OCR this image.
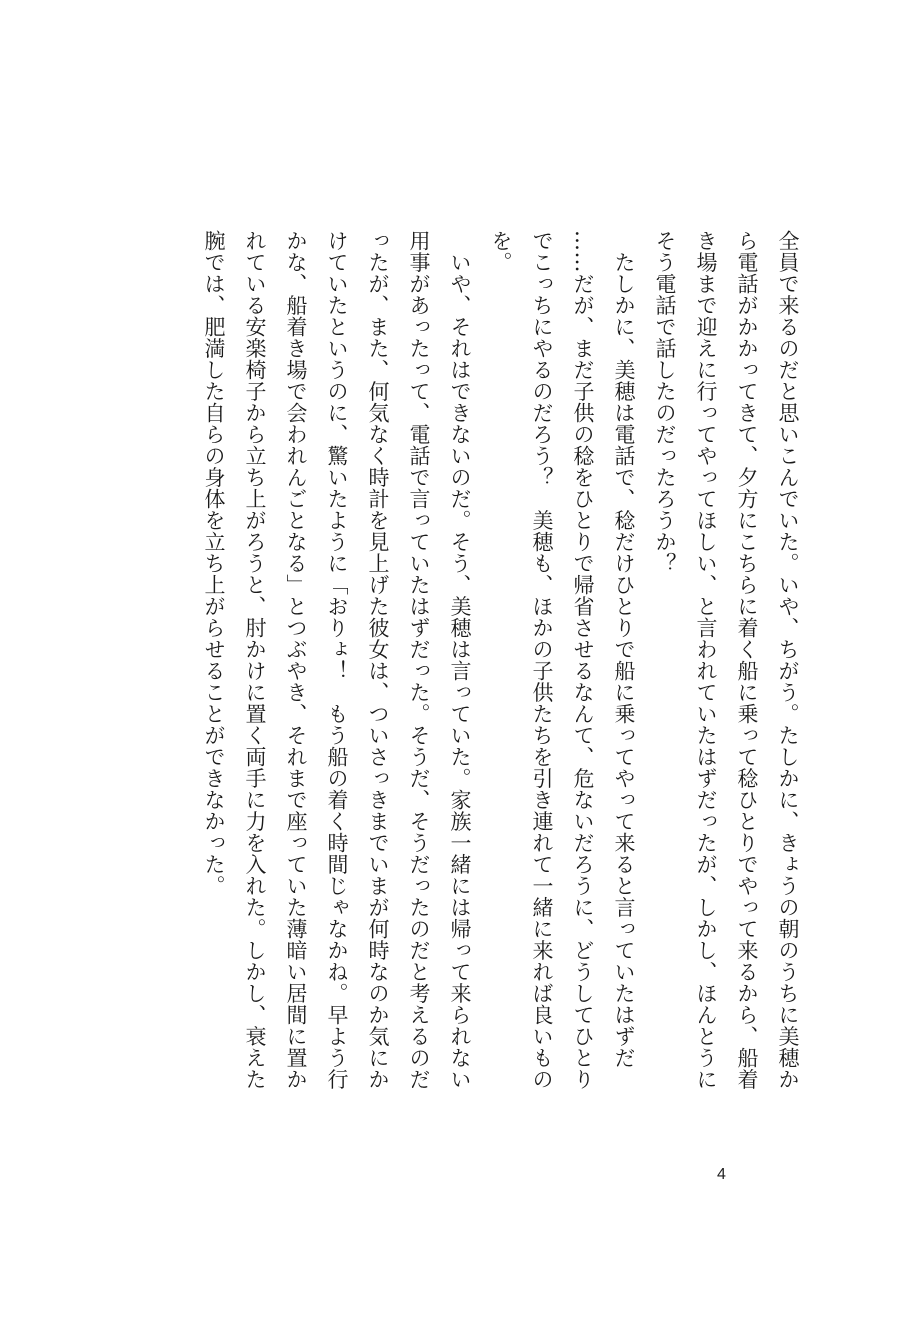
全員で来るのだと思いこんでいた。いや、ちがう。たしかに、きょうの朝のうちに美穂か
ら電話がかかってきて、夕方にこちらに着く船に乗って稔ひとりでやって来るから、船着
き場まで迎えに行ってやってほしい、と言われていたはずだったが、しかし、ほんとうに
そう電話で話したのだったろうか？
　たしかに、美穂は電話で、稔だけひとりで船に乗ってやって来ると言っていたはずだ
……だが、まだ子供の稔をひとりで帰省させるなんて、危ないだろうに、どうしてひとり
でこっちにやるのだろう？　美穂も、ほかの子供たちを引き連れて一緒に来れば良いもの
を。
　いや、それはできないのだ。そう、美穂は言っていた。家族一緒には帰って来られない
用事があったって、電話で言っていたはずだった。そうだ、そうだったのだと考えるのだ
ったが、また、何気なく時計を見上げた彼女は、ついさっきまでいまが何時なのか気にか
けていたというのに、驚いたように「おりょ！　もう船の着く時間じゃなかね。早よう行
かな、船着き場で会われんごとなる」とつぶやき、それまで座っていた薄暗い居間に置か
れている安楽椅子から立ち上がろうと、肘かけに置く両手に力を入れた。しかし、衰えた
腕では、肥満した自らの身体を立ち上がらせることができなかった。
4
